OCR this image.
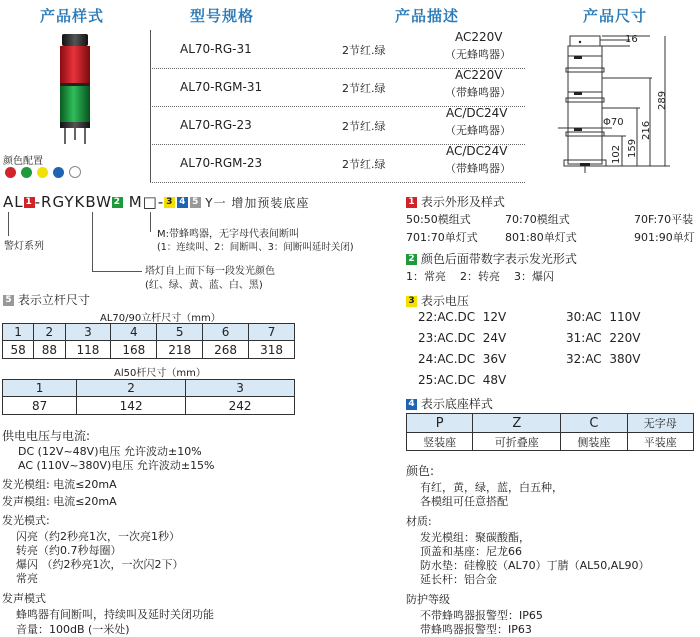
产品样式	型号规格	产品描述	产品尺寸
颜色配置
AL70-RG-31	2节红.绿
AC220V
（无蜂鸣器）
AL70-RGM-31	2节红.绿
AC220V
（带蜂鸣器）
AL70-RG-23	2节红.绿
AC/DC24V
（无蜂鸣器）
AL70-RGM-23	2节红.绿
AC/DC24V
（带蜂鸣器）
16
289
216
159
102
Φ70
AL 1 -RGYKBW 2 M□- 3 4 5 Y一 增加预装底座
警灯系列
M:带蜂鸣器，无字母代表间断叫
(1：连续叫、2：间断叫、3：间断叫延时关闭)
塔灯自上而下每一段发光颜色
(红、绿、黄、蓝、白、黑)
5 表示立杆尺寸
AL70/90立杆尺寸（mm）
1	2	3	4	5	6	7
58	88	118	168	218	268	318
Al50杆尺寸（mm）
1	2	3
87	142	242
供电电压与电流:
DC (12V~48V)电压 允许波动±10%
AC (110V~380V)电压 允许波动±15%
发光模组: 电流≤20mA
发声模组: 电流≤20mA
发光模式:
闪亮（约2秒亮1次，一次亮1秒）
转亮（约0.7秒每圈）
爆闪 （约2秒亮1次，一次闪2下）
常亮
发声模式
蜂鸣器有间断叫，持续叫及延时关闭功能
音量：100dB (一米处)
1 表示外形及样式
50:50模组式	70:70模组式	70F:70平装
701:70单灯式 801:80单灯式	901:90单灯
2 颜色后面带数字表示发光形式
1：常亮    2：转亮    3：爆闪
3 表示电压
22:AC.DC  12V	30:AC  110V
23:AC.DC  24V	31:AC  220V
24:AC.DC  36V	32:AC  380V
25:AC.DC  48V
4 表示底座样式
P	Z	C	无字母
竖装座	可折叠座	侧装座	平装座
颜色:
有红，黄，绿，蓝，白五种，
各模组可任意搭配
材质:
发光模组：聚碳酸酯，
顶盖和基座：尼龙66
防水垫：硅橡胶（AL70）丁腈（AL50,AL90）
延长杆：铝合金
防护等级
不带蜂鸣器报警型：IP65
带蜂鸣器报警型：IP63
